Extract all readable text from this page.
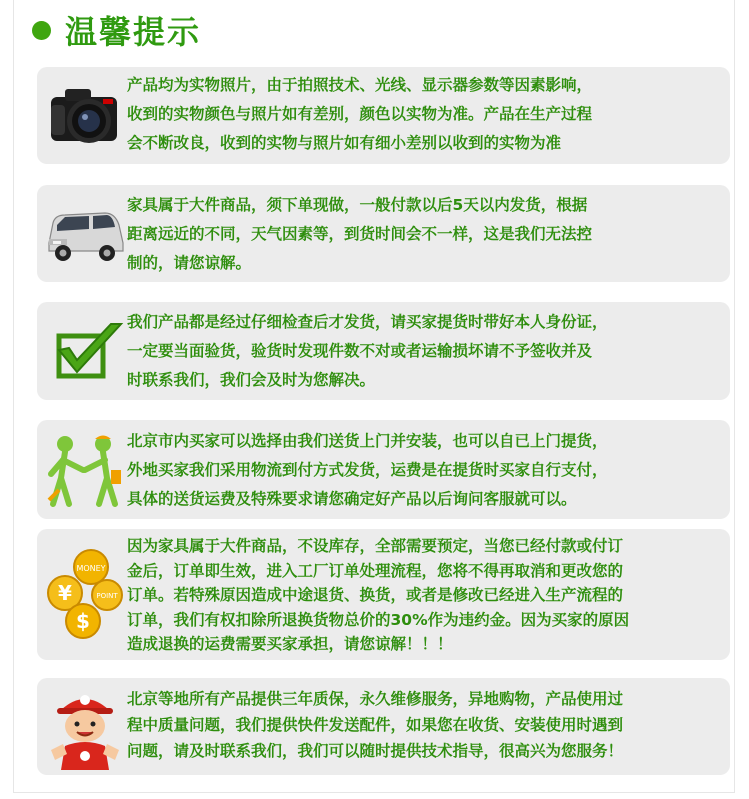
温馨提示
产品均为实物照片，由于拍照技术、光线、显示器参数等因素影响，
收到的实物颜色与照片如有差别，颜色以实物为准。产品在生产过程
会不断改良，收到的实物与照片如有细小差别以收到的实物为准
家具属于大件商品，须下单现做，一般付款以后5天以内发货，根据
距离远近的不同，天气因素等，到货时间会不一样，这是我们无法控
制的，请您谅解。
我们产品都是经过仔细检查后才发货，请买家提货时带好本人身份证，
一定要当面验货，验货时发现件数不对或者运输损坏请不予签收并及
时联系我们，我们会及时为您解决。
北京市内买家可以选择由我们送货上门并安装，也可以自已上门提货，
外地买家我们采用物流到付方式发货，运费是在提货时买家自行支付，
具体的送货运费及特殊要求请您确定好产品以后询问客服就可以。
MONEY
¥
$
POINT
因为家具属于大件商品，不设库存，全部需要预定，当您已经付款或付订
金后，订单即生效，进入工厂订单处理流程，您将不得再取消和更改您的
订单。若特殊原因造成中途退货、换货，或者是修改已经进入生产流程的
订单，我们有权扣除所退换货物总价的30%作为违约金。因为买家的原因
造成退换的运费需要买家承担，请您谅解！！！
北京等地所有产品提供三年质保，永久维修服务，异地购物，产品使用过
程中质量问题，我们提供快件发送配件，如果您在收货、安装使用时遇到
问题，请及时联系我们，我们可以随时提供技术指导，很高兴为您服务！
